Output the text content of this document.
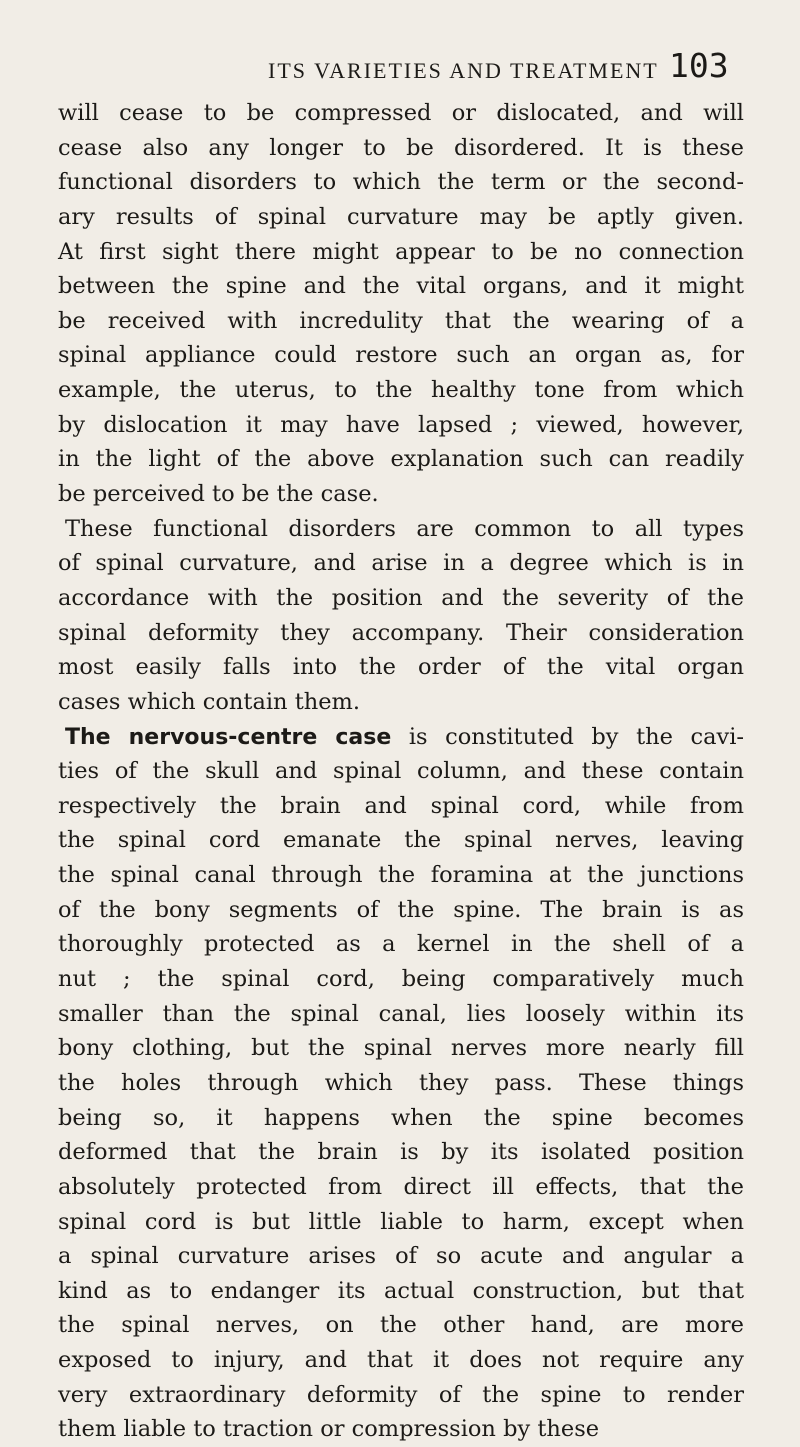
ITS VARIETIES AND TREATMENT 103
will cease to be compressed or dislocated, and will
cease also any longer to be disordered. It is these
functional disorders to which the term or the second-
ary results of spinal curvature may be aptly given.
At first sight there might appear to be no connection
between the spine and the vital organs, and it might
be received with incredulity that the wearing of a
spinal appliance could restore such an organ as, for
example, the uterus, to the healthy tone from which
by dislocation it may have lapsed ; viewed, however,
in the light of the above explanation such can readily
be perceived to be the case.
These functional disorders are common to all types
of spinal curvature, and arise in a degree which is in
accordance with the position and the severity of the
spinal deformity they accompany. Their consideration
most easily falls into the order of the vital organ
cases which contain them.
The nervous-centre case is constituted by the cavi-
ties of the skull and spinal column, and these contain
respectively the brain and spinal cord, while from
the spinal cord emanate the spinal nerves, leaving
the spinal canal through the foramina at the junctions
of the bony segments of the spine. The brain is as
thoroughly protected as a kernel in the shell of a
nut ; the spinal cord, being comparatively much
smaller than the spinal canal, lies loosely within its
bony clothing, but the spinal nerves more nearly fill
the holes through which they pass. These things
being so, it happens when the spine becomes
deformed that the brain is by its isolated position
absolutely protected from direct ill effects, that the
spinal cord is but little liable to harm, except when
a spinal curvature arises of so acute and angular a
kind as to endanger its actual construction, but that
the spinal nerves, on the other hand, are more
exposed to injury, and that it does not require any
very extraordinary deformity of the spine to render
them liable to traction or compression by these
